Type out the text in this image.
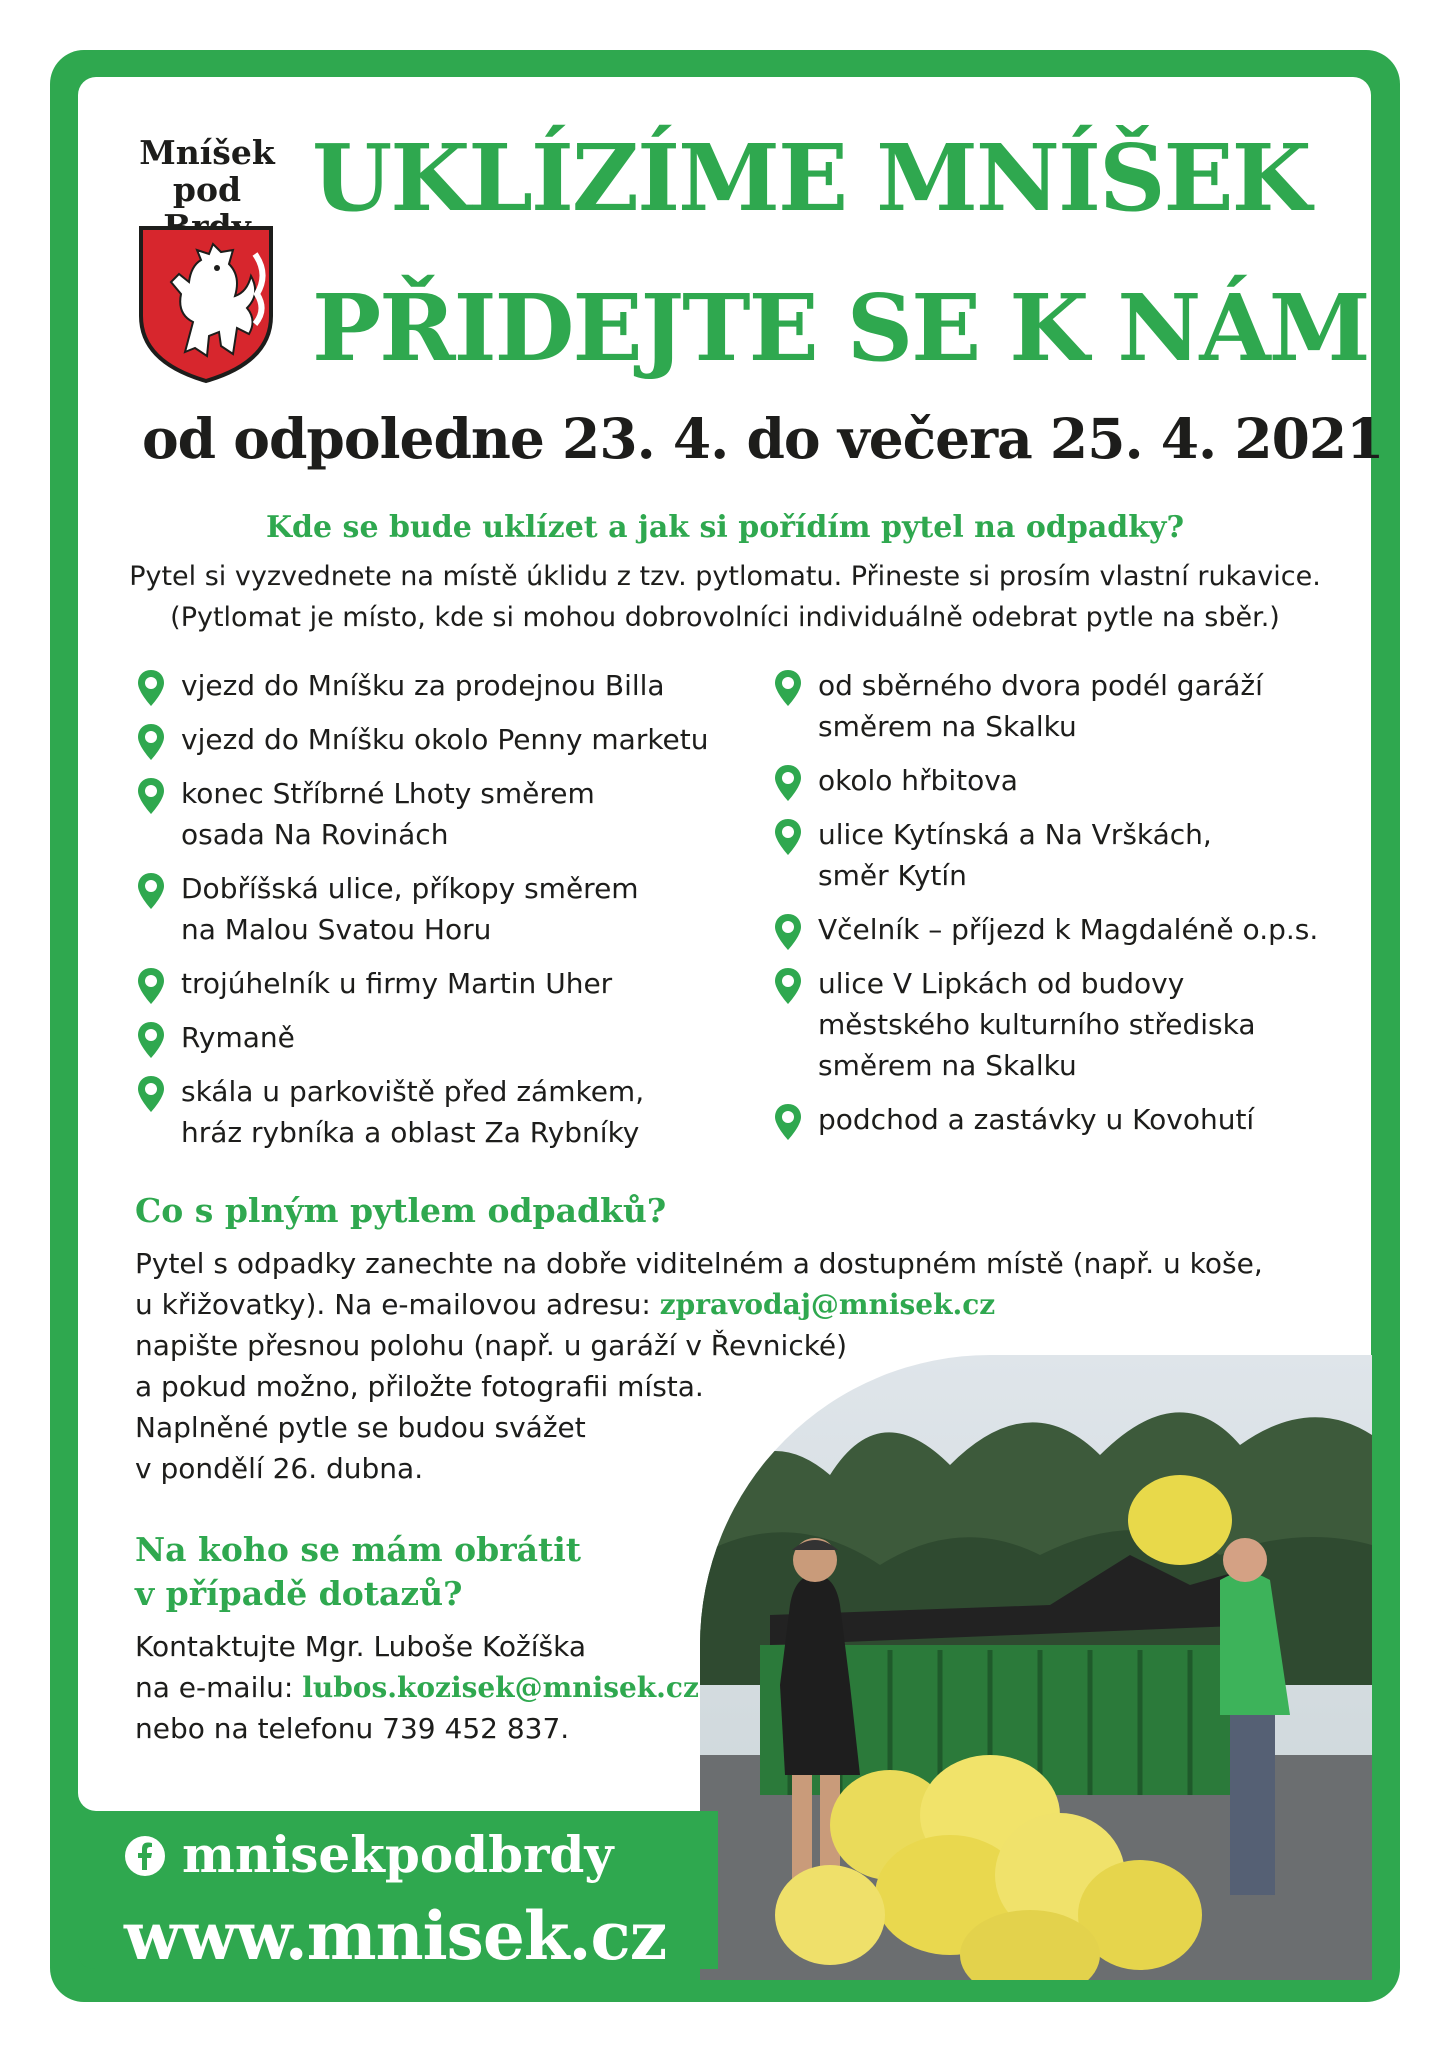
Mníšek
pod UKLÍZÍME MNÍŠEK
PŘIDEJTE SE K NÁM
od odpoledne 23. 4. do večera 25. 4. 2021
Kde se bude uklízet a jak si pořídím pytel na odpadky?
Pytel si vyzvednete na místě úklidu z tzv. pytlomatu. Přineste si prosím vlastní rukavice.
(Pytlomat je místo, kde si mohou dobrovolníci individuálně odebrat pytle na sběr.)
vjezd do Mníšku za prodejnou Billa
vjezd do Mníšku okolo Penny marketu
konec Stříbrné Lhoty směrem osada Na Rovinách
Dobříšská ulice, příkopy směrem na Malou Svatou Horu
trojúhelník u firmy Martin Uher
Rymaně
skála u parkoviště před zámkem, hráz rybníka a oblast Za Rybníky
od sběrného dvora podél garáží směrem na Skalku
okolo hřbitova
ulice Kytínská a Na Vrškách, směr Kytín
Včelník – příjezd k Magdaléně o.p.s.
ulice V Lipkách od budovy městského kulturního střediska směrem na Skalku
podchod a zastávky u Kovohutí
Co s plným pytlem odpadků?
Pytel s odpadky zanechte na dobře viditelném a dostupném místě (např. u koše,
u křižovatky). Na e-mailovou adresu: zpravodaj@mnisek.cz
napište přesnou polohu (např. u garáží v Řevnické)
a pokud možno, přiložte fotografii místa.
Naplněné pytle se budou svážet
v pondělí 26. dubna.
Na koho se mám obrátit
v případě dotazů?
Kontaktujte Mgr. Luboše Kožíška
na e-mailu: lubos.kozisek@mnisek.cz
nebo na telefonu 739 452 837.
mnisekpodbrdy
www.mnisek.cz
